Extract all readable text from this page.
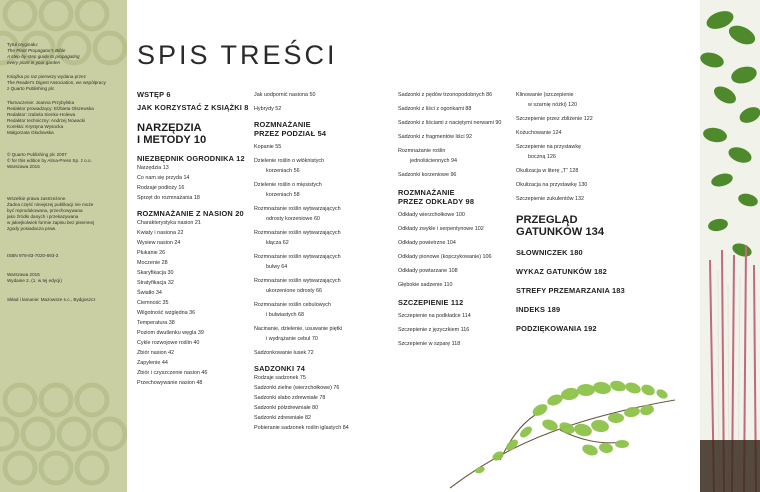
Tytuł oryginału:
The Plant Propagator's Bible
A step-by-step guide to propagating
every plant in your garden
Książka po raz pierwszy wydana przez
The Reader's Digest Association, we współpracy
z Quarto Publishing plc
Tłumaczenie: Joanna Przybylska
Redaktor prowadzący: Elżbieta Olszewska
Redaktor: Izabela Sienko-Holewa
Redaktor techniczny: Andrzej Nowacki
Korekta: Krystyna Wysocka
Małgorzata Głodowska
© Quarto Publishing plc 2007
© for this edition by Alma-Press Sp. z o.o.
Warszawa 2015
Wszelkie prawa zastrzeżone.
Żadna część niniejszej publikacji nie może
być reprodukowana, przechowywana
jako źródło danych i przekazywana
w jakiejkolwiek formie zapisu bez pisemnej
zgody posiadacza praw.
ISBN 978-83-7020-693-3
Warszawa 2015
Wydanie 2. (1. w tej edycji)
Skład i łamanie: Mazowsze s.c., Bydgoszcz
SPIS TREŚCI
WSTĘP 6
JAK KORZYSTAĆ Z KSIĄŻKI 8
NARZĘDZIA
I METODY 10
NIEZBĘDNIK OGRODNIKA 12
Narzędzia 13
Co nam się przyda 14
Rodzaje podłoży 16
Sprzęt do rozmnażania 18
ROZMNAŻANIE Z NASION 20
Charakterystyka nasion 21
Kwiaty i nasiona 22
Wysiew nasion 24
Płukanie 26
Moczenie 28
Skaryfikacja 30
Stratyfikacja 32
Światło 34
Ciemność 35
Wilgotność względna 36
Temperatura 38
Poziom dwutlenku węgla 39
Cykle rozwojowe roślin 40
Zbiór nasion 42
Zapylenie 44
Zbiór i czyszczenie nasion 46
Przechowywanie nasion 48
Jak uodpornić nasiona 50
Hybrydy 52
ROZMNAŻANIE
PRZEZ PODZIAŁ 54
Kopanie 55
Dzielenie roślin o włóknistych
korzeniach 56
Dzielenie roślin o mięsistych
korzeniach 58
Rozmnażanie roślin wytwarzających
odrosty korzeniowe 60
Rozmnażanie roślin wytwarzających
kłącza 62
Rozmnażanie roślin wytwarzających
bulwy 64
Rozmnażanie roślin wytwarzających
ukorzenione odrosty 66
Rozmnażanie roślin cebulowych
i bulwiastych 68
Nacinanie, dzielenie, usuwanie piętki
i wydrążanie cebul 70
Sadzonkowanie łusek 72
SADZONKI 74
Rodzaje sadzonek 75
Sadzonki zielne (wierzchołkowe) 76
Sadzonki słabo zdrewniałe 78
Sadzonki półzdrewniałe 80
Sadzonki zdrewniałe 82
Pobieranie sadzonek roślin iglastych 84
Sadzonki z pędów trzonopodobnych 86
Sadzonki z liści z ogonkami 88
Sadzonki z liściami z naciętymi nerwami 90
Sadzonki z fragmentów liści 92
Rozmnażanie roślin
jednoliściennych 94
Sadzonki korzeniowe 96
ROZMNAŻANIE
PRZEZ ODKŁADY 98
Odkłady wierzchołkowe 100
Odkłady zwykłe i serpentynowe 102
Odkłady powietrzne 104
Odkłady pionowe (kopczykowanie) 106
Odkłady powtarzane 108
Głębokie sadzenie 110
SZCZEPIENIE 112
Szczepienie na podkładce 114
Szczepienie z języczkiem 116
Szczepienie w szparę 118
Klinowanie (szczepienie
w szarnię nóżki) 120
Szczepienie przez zbliżenie 122
Kożuchowanie 124
Szczepienie na przystawkę
boczną 126
Okulizacja w literę „T” 128
Okulizacja na przystawkę 130
Szczepienie zukulentów 132
PRZEGLĄD
GATUNKÓW 134
SŁOWNICZEK 180
WYKAZ GATUNKÓW 182
STREFY PRZEMARZANIA 183
INDEKS 189
PODZIĘKOWANIA 192
